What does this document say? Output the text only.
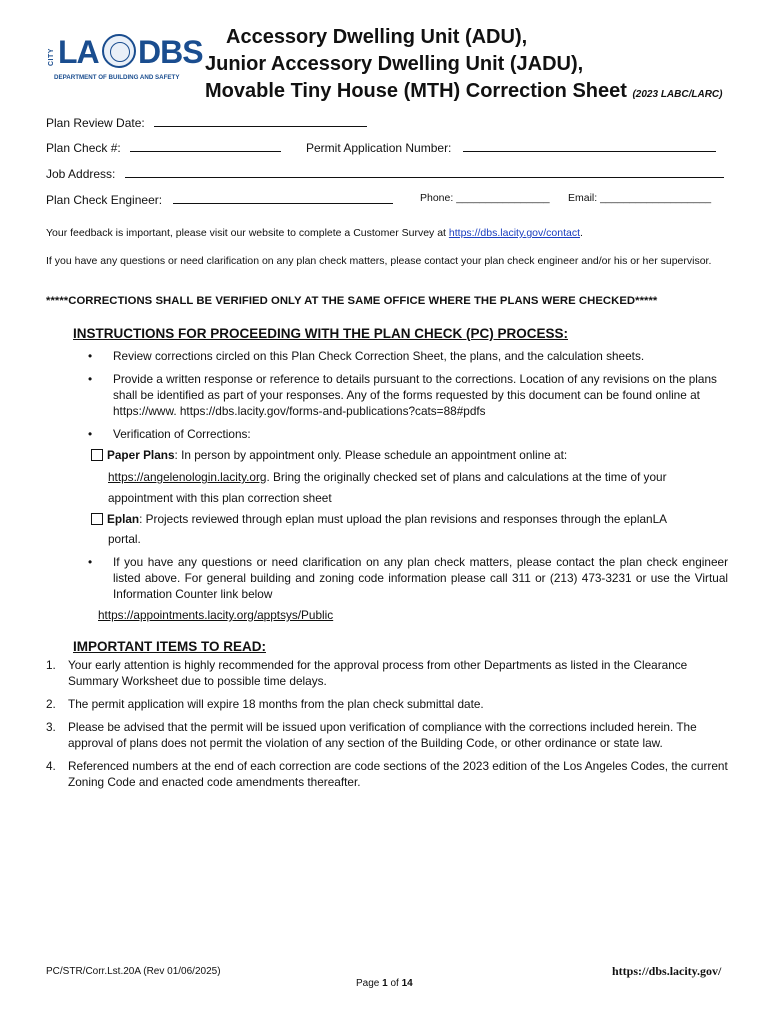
CITY LA DBS
DEPARTMENT OF BUILDING AND SAFETY
Accessory Dwelling Unit (ADU),
Junior Accessory Dwelling Unit (JADU),
Movable Tiny House (MTH) Correction Sheet (2023 LABC/LARC)
Plan Review Date:
Plan Check #:	Permit Application Number:
Job Address:
Plan Check Engineer:	Phone: ________________ Email: ___________________
Your feedback is important, please visit our website to complete a Customer Survey at https://dbs.lacity.gov/contact.
If you have any questions or need clarification on any plan check matters, please contact your plan check engineer and/or his or her supervisor.
*****CORRECTIONS SHALL BE VERIFIED ONLY AT THE SAME OFFICE WHERE THE PLANS WERE CHECKED*****
INSTRUCTIONS FOR PROCEEDING WITH THE PLAN CHECK (PC) PROCESS:
• Review corrections circled on this Plan Check Correction Sheet, the plans, and the calculation sheets.
• Provide a written response or reference to details pursuant to the corrections. Location of any revisions on the plans shall be identified as part of your responses. Any of the forms requested by this document can be found online at https://www. https://dbs.lacity.gov/forms-and-publications?cats=88#pdfs
• Verification of Corrections:
Paper Plans: In person by appointment only. Please schedule an appointment online at:
https://angelenologin.lacity.org. Bring the originally checked set of plans and calculations at the time of your
appointment with this plan correction sheet
Eplan: Projects reviewed through eplan must upload the plan revisions and responses through the eplanLA
portal.
• If you have any questions or need clarification on any plan check matters, please contact the plan check engineer listed above. For general building and zoning code information please call 311 or (213) 473-3231 or use the Virtual Information Counter link below
https://appointments.lacity.org/apptsys/Public
IMPORTANT ITEMS TO READ:
1. Your early attention is highly recommended for the approval process from other Departments as listed in the Clearance Summary Worksheet due to possible time delays.
2. The permit application will expire 18 months from the plan check submittal date.
3. Please be advised that the permit will be issued upon verification of compliance with the corrections included herein. The approval of plans does not permit the violation of any section of the Building Code, or other ordinance or state law.
4. Referenced numbers at the end of each correction are code sections of the 2023 edition of the Los Angeles Codes, the current Zoning Code and enacted code amendments thereafter.
PC/STR/Corr.Lst.20A (Rev 01/06/2025)	https://dbs.lacity.gov/
Page 1 of 14
